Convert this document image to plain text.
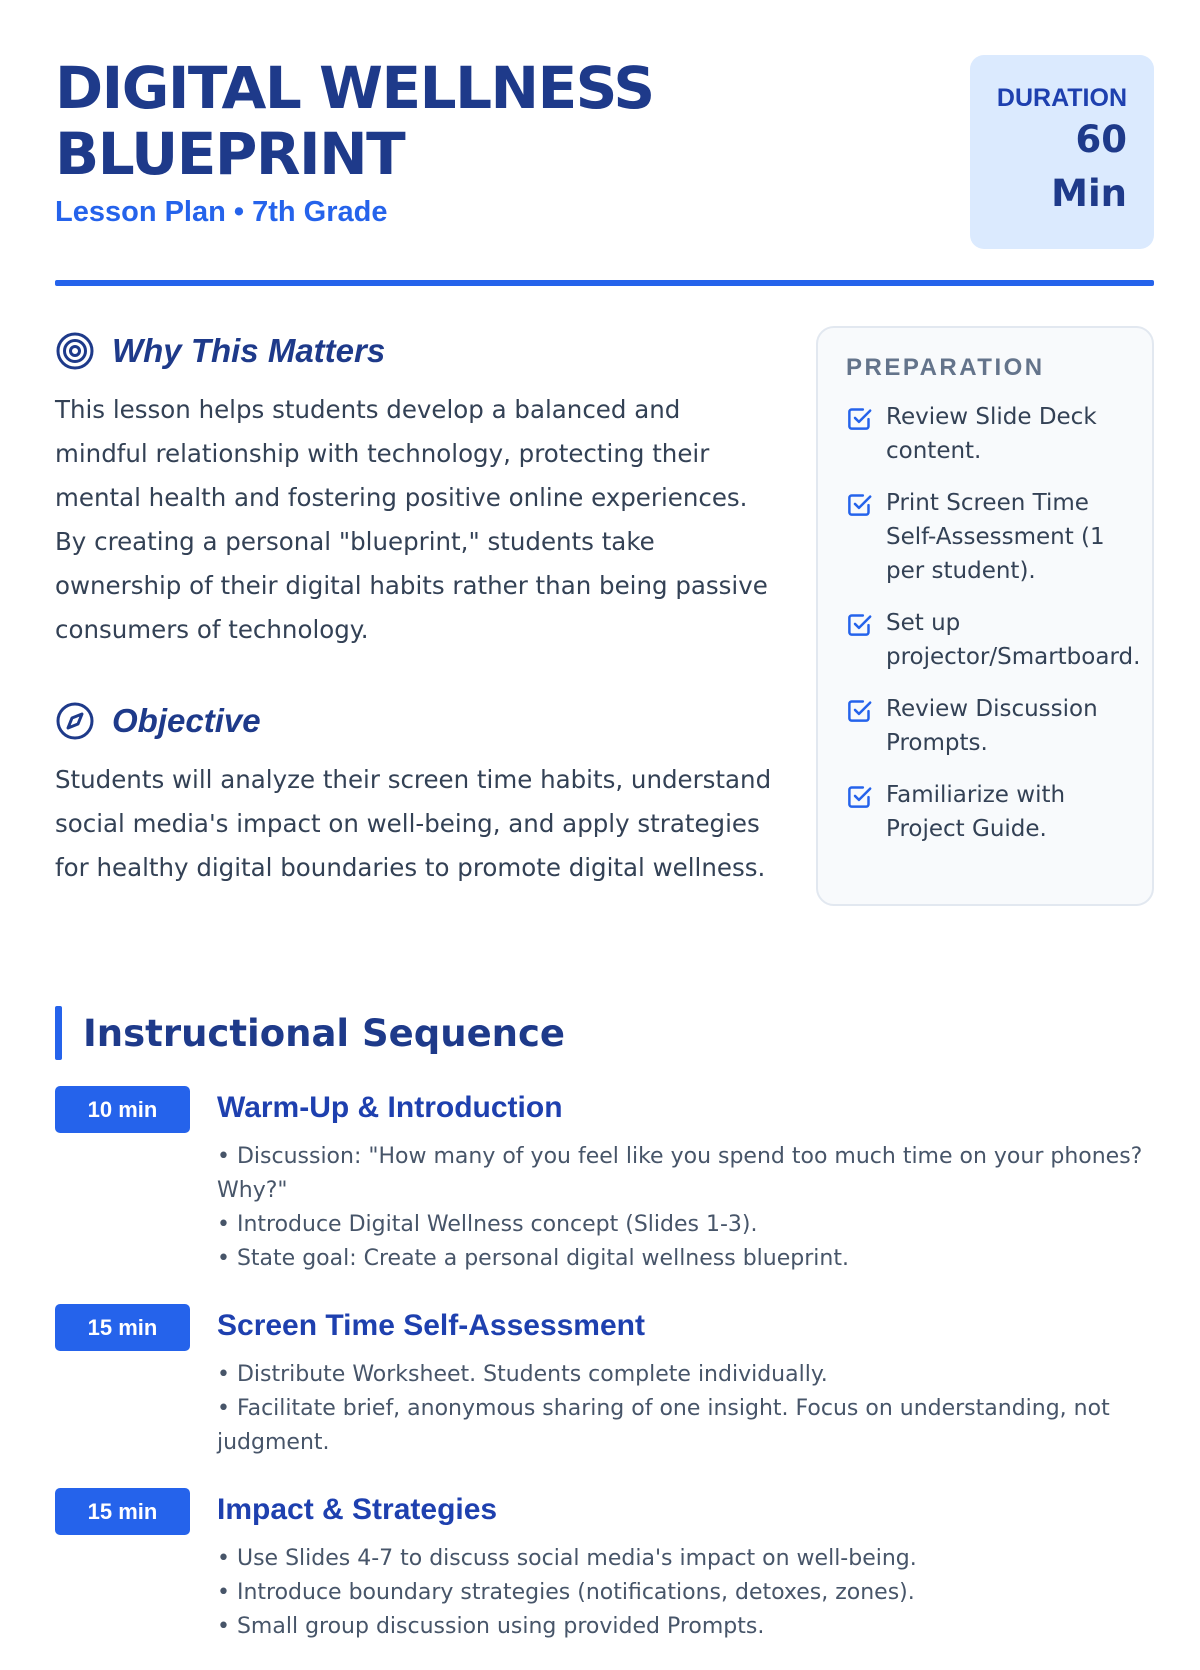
DIGITAL WELLNESS
BLUEPRINT
Lesson Plan • 7th Grade
DURATION
60
Min
Why This Matters

This lesson helps students develop a balanced and mindful relationship with technology, protecting their mental health and fostering positive online experiences. By creating a personal "blueprint," students take ownership of their digital habits rather than being passive consumers of technology.

Objective

Students will analyze their screen time habits, understand social media's impact on well-being, and apply strategies for healthy digital boundaries to promote digital wellness.

PREPARATION
Review Slide Deck content.
Print Screen Time Self-Assessment (1 per student).
Set up projector/Smartboard.
Review Discussion Prompts.
Familiarize with Project Guide.
Instructional Sequence
10 min	Warm-Up & Introduction
• Discussion: "How many of you feel like you spend too much time on your phones? Why?"
• Introduce Digital Wellness concept (Slides 1-3).
• State goal: Create a personal digital wellness blueprint.
15 min	Screen Time Self-Assessment
• Distribute Worksheet. Students complete individually.
• Facilitate brief, anonymous sharing of one insight. Focus on understanding, not judgment.
15 min	Impact & Strategies
• Use Slides 4-7 to discuss social media's impact on well-being.
• Introduce boundary strategies (notifications, detoxes, zones).
• Small group discussion using provided Prompts.
